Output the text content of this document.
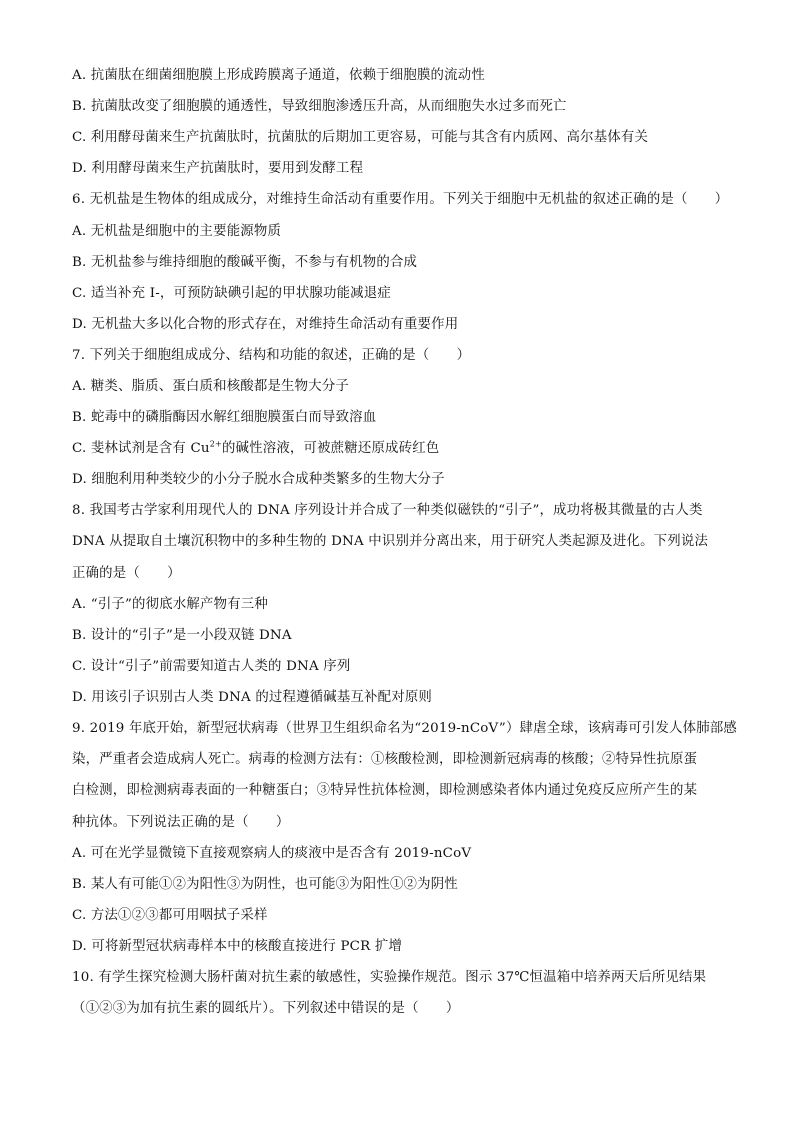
A. 抗菌肽在细菌细胞膜上形成跨膜离子通道，依赖于细胞膜的流动性
B. 抗菌肽改变了细胞膜的通透性，导致细胞渗透压升高，从而细胞失水过多而死亡
C. 利用酵母菌来生产抗菌肽时，抗菌肽的后期加工更容易，可能与其含有内质网、高尔基体有关
D. 利用酵母菌来生产抗菌肽时，要用到发酵工程
6. 无机盐是生物体的组成成分，对维持生命活动有重要作用。下列关于细胞中无机盐的叙述正确的是（　　）
A. 无机盐是细胞中的主要能源物质
B. 无机盐参与维持细胞的酸碱平衡，不参与有机物的合成
C. 适当补充 I-，可预防缺碘引起的甲状腺功能减退症
D. 无机盐大多以化合物的形式存在，对维持生命活动有重要作用
7. 下列关于细胞组成成分、结构和功能的叙述，正确的是（　　）
A. 糖类、脂质、蛋白质和核酸都是生物大分子
B. 蛇毒中的磷脂酶因水解红细胞膜蛋白而导致溶血
C. 斐林试剂是含有 $Cu^{2+}$的碱性溶液，可被蔗糖还原成砖红色
D. 细胞利用种类较少的小分子脱水合成种类繁多的生物大分子
8. 我国考古学家利用现代人的 DNA 序列设计并合成了一种类似磁铁的“引子”，成功将极其微量的古人类
DNA 从提取自土壤沉积物中的多种生物的 DNA 中识别并分离出来，用于研究人类起源及进化。下列说法
正确的是（　　）
A. “引子”的彻底水解产物有三种
B. 设计的“引子”是一小段双链 DNA
C. 设计“引子”前需要知道古人类的 DNA 序列
D. 用该引子识别古人类 DNA 的过程遵循碱基互补配对原则
9. 2019 年底开始，新型冠状病毒（世界卫生组织命名为“2019-nCoV”）肆虐全球，该病毒可引发人体肺部感
染，严重者会造成病人死亡。病毒的检测方法有：①核酸检测，即检测新冠病毒的核酸；②特异性抗原蛋
白检测，即检测病毒表面的一种糖蛋白；③特异性抗体检测，即检测感染者体内通过免疫反应所产生的某
种抗体。下列说法正确的是（　　）
A. 可在光学显微镜下直接观察病人的痰液中是否含有 2019-nCoV
B. 某人有可能①②为阳性③为阴性，也可能③为阳性①②为阴性
C. 方法①②③都可用咽拭子采样
D. 可将新型冠状病毒样本中的核酸直接进行 PCR 扩增
10. 有学生探究检测大肠杆菌对抗生素的敏感性，实验操作规范。图示 37℃恒温箱中培养两天后所见结果
（①②③为加有抗生素的圆纸片）。下列叙述中错误的是（　　）
